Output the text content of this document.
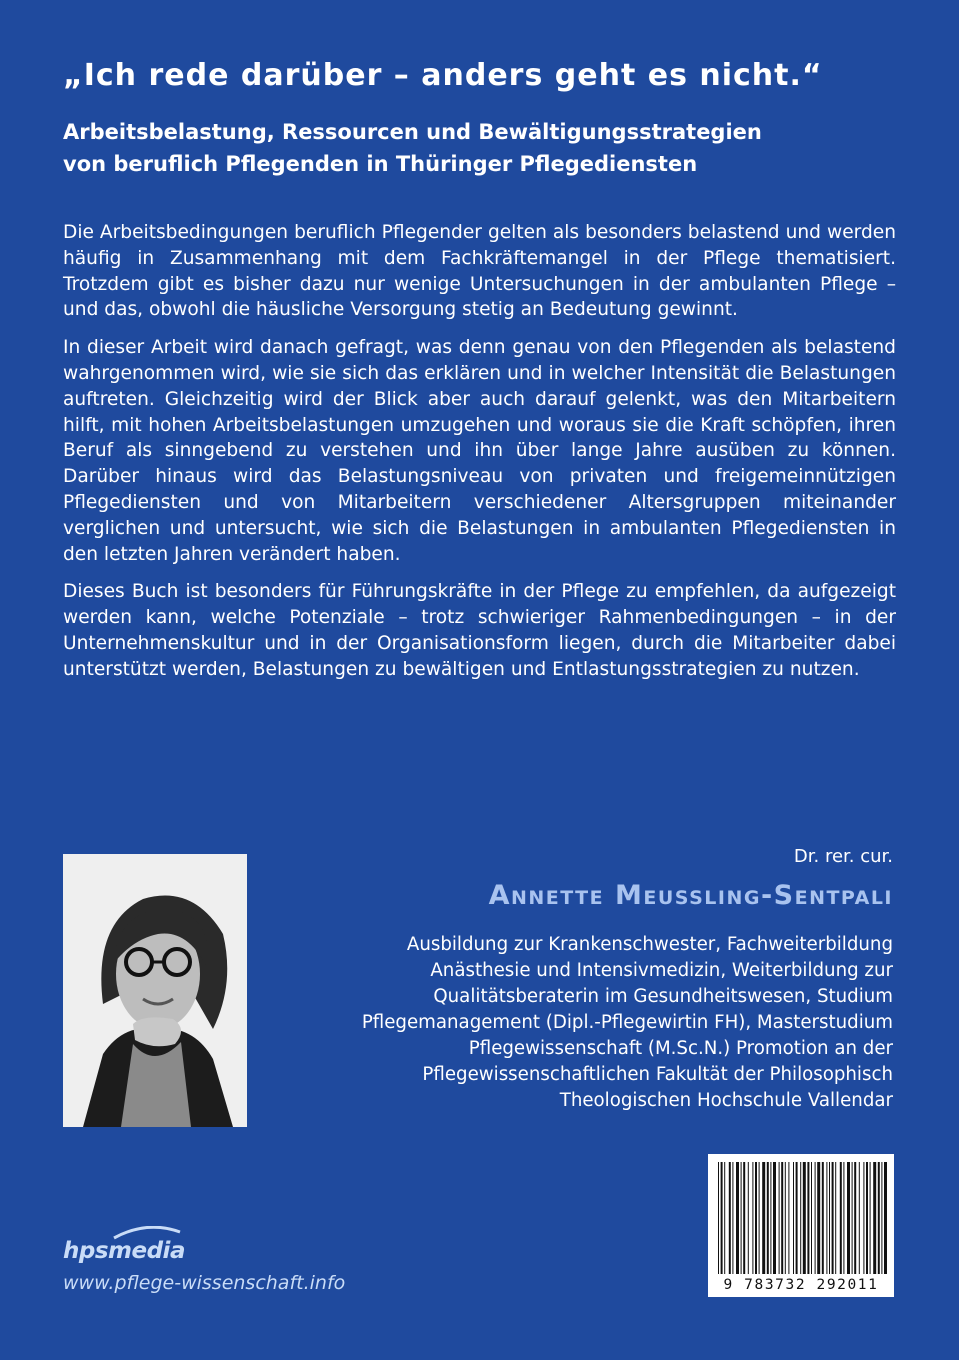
„Ich rede darüber – anders geht es nicht.“
Arbeitsbelastung, Ressourcen und Bewältigungsstrategien
von beruflich Pflegenden in Thüringer Pflegediensten

Die Arbeitsbedingungen beruflich Pflegender gelten als besonders belastend und werden häufig in Zusammenhang mit dem Fachkräftemangel in der Pflege thematisiert. Trotzdem gibt es bisher dazu nur wenige Untersuchungen in der ambulanten Pflege – und das, obwohl die häusliche Versorgung stetig an Bedeutung gewinnt.

In dieser Arbeit wird danach gefragt, was denn genau von den Pflegenden als belastend wahrgenommen wird, wie sie sich das erklären und in welcher Intensität die Belastungen auftreten. Gleichzeitig wird der Blick aber auch darauf gelenkt, was den Mitarbeitern hilft, mit hohen Arbeitsbelastungen umzugehen und woraus sie die Kraft schöpfen, ihren Beruf als sinngebend zu verstehen und ihn über lange Jahre ausüben zu können. Darüber hinaus wird das Belastungsniveau von privaten und freigemeinnützigen Pflegediensten und von Mitarbeitern verschiedener Altersgruppen miteinander verglichen und untersucht, wie sich die Belastungen in ambulanten Pflegediensten in den letzten Jahren verändert haben.

Dieses Buch ist besonders für Führungskräfte in der Pflege zu empfehlen, da aufgezeigt werden kann, welche Potenziale – trotz schwieriger Rahmenbedingungen – in der Unternehmenskultur und in der Organisationsform liegen, durch die Mitarbeiter dabei unterstützt werden, Belastungen zu bewältigen und Entlastungsstrategien zu nutzen.

Dr. rer. cur.
Annette Meussling-Sentpali
Ausbildung zur Krankenschwester, Fachweiterbildung
Anästhesie und Intensivmedizin, Weiterbildung zur
Qualitätsberaterin im Gesundheitswesen, Studium
Pflegemanagement (Dipl.-Pflegewirtin FH), Masterstudium
Pflegewissenschaft (M.Sc.N.) Promotion an der
Pflegewissenschaftlichen Fakultät der Philosophisch
Theologischen Hochschule Vallendar
hpsmedia
www.pflege-wissenschaft.info	9 783732 292011
